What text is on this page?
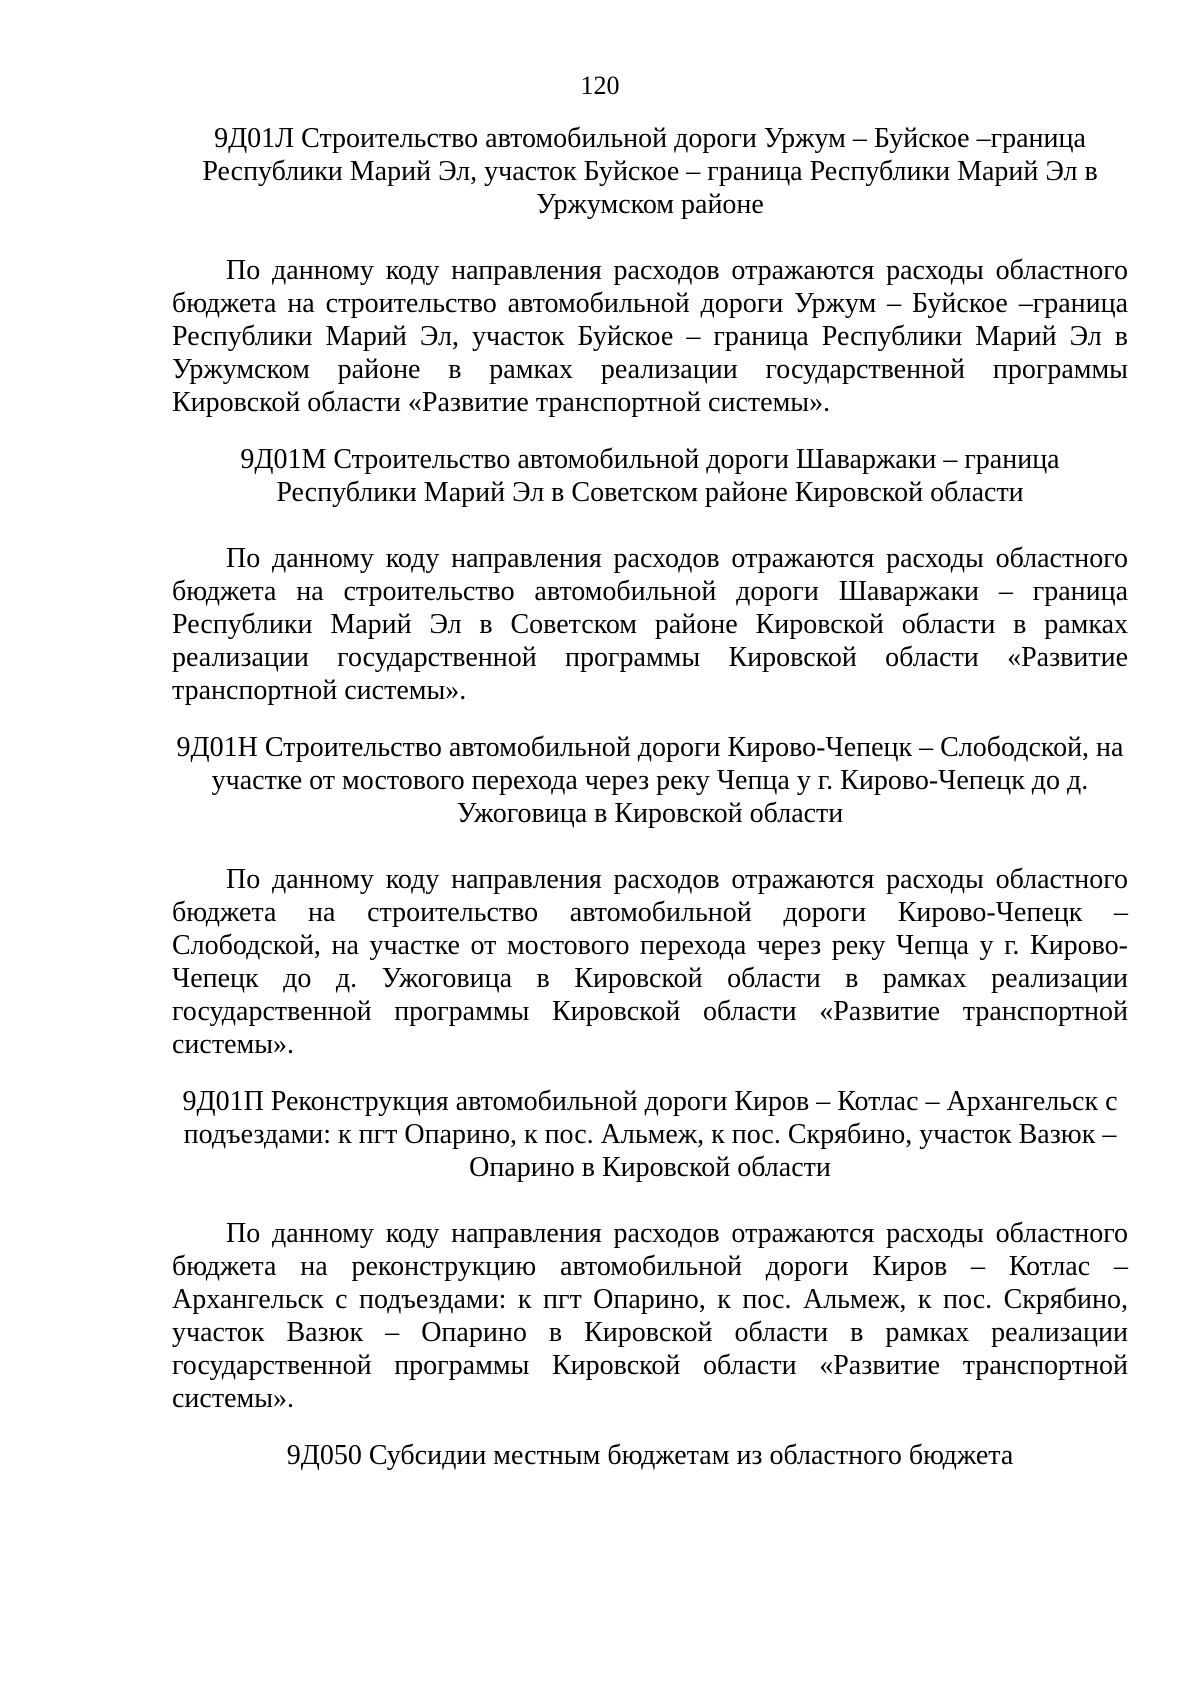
120

9Д01Л Строительство автомобильной дороги Уржум – Буйское –граница Республики Марий Эл, участок Буйское – граница Республики Марий Эл в Уржумском районе

По данному коду направления расходов отражаются расходы областного бюджета на строительство автомобильной дороги Уржум – Буйское –граница Республики Марий Эл, участок Буйское – граница Республики Марий Эл в Уржумском районе в рамках реализации государственной программы Кировской области «Развитие транспортной системы».

9Д01М Строительство автомобильной дороги Шаваржаки – граница Республики Марий Эл в Советском районе Кировской области

По данному коду направления расходов отражаются расходы областного бюджета на строительство автомобильной дороги Шаваржаки – граница Республики Марий Эл в Советском районе Кировской области в рамках реализации государственной программы Кировской области «Развитие транспортной системы».

9Д01Н Строительство автомобильной дороги Кирово-Чепецк – Слободской, на участке от мостового перехода через реку Чепца у г. Кирово-Чепецк до д. Ужоговица в Кировской области

По данному коду направления расходов отражаются расходы областного бюджета на строительство автомобильной дороги Кирово-Чепецк – Слободской, на участке от мостового перехода через реку Чепца у г. Кирово-Чепецк до д. Ужоговица в Кировской области в рамках реализации государственной программы Кировской области «Развитие транспортной системы».

9Д01П Реконструкция автомобильной дороги Киров – Котлас – Архангельск с подъездами: к пгт Опарино, к пос. Альмеж, к пос. Скрябино, участок Вазюк – Опарино в Кировской области

По данному коду направления расходов отражаются расходы областного бюджета на реконструкцию автомобильной дороги Киров – Котлас – Архангельск с подъездами: к пгт Опарино, к пос. Альмеж, к пос. Скрябино, участок Вазюк – Опарино в Кировской области в рамках реализации государственной программы Кировской области «Развитие транспортной системы».

9Д050 Субсидии местным бюджетам из областного бюджета
